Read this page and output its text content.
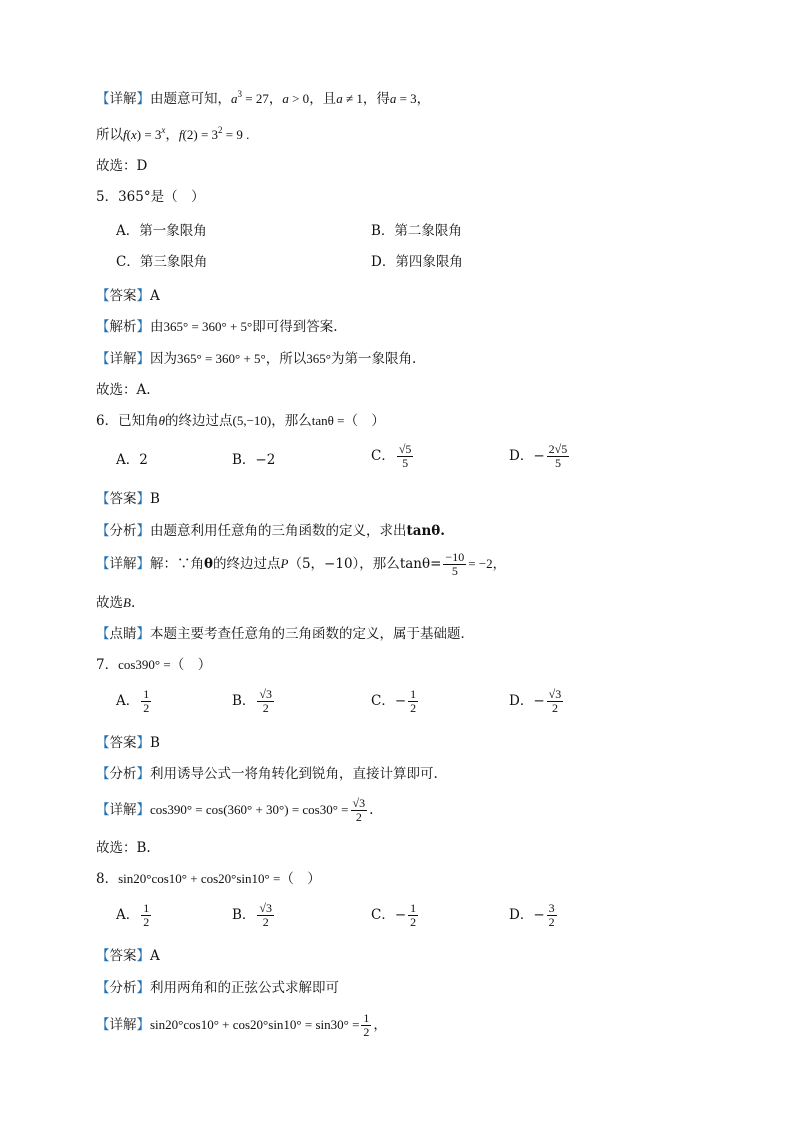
【详解】由题意可知，$a^3 = 27$，a > 0，且a ≠ 1，得a = 3，
所以$f(x) = 3^x$，$f(2) = 3^2 = 9$ .
故选：D
5．365°是（　）
A．第一象限角	B．第二象限角
C．第三象限角	D．第四象限角
【答案】A
【解析】由365° = 360° + 5°即可得到答案.
【详解】因为365° = 360° + 5°，所以365°为第一象限角.
故选：A.
6．已知角θ的终边过点(5,−10)，那么tanθ =（　）
A．2	B．−2	C． $\frac{√5}{5}$	D．− $\frac{2√5}{5}$
【答案】B
【分析】由题意利用任意角的三角函数的定义，求出tanθ.
【详解】解：∵角θ的终边过点P（5，−10），那么$\tan\theta= \frac{-10}{5} = -2$，
故选B.
【点睛】本题主要考查任意角的三角函数的定义，属于基础题．
7．cos390° =（　）
A． $\frac{1}{2}$	B． $\frac{√3}{2}$	C．− $\frac{1}{2}$	D．− $\frac{√3}{2}$
【答案】B
【分析】利用诱导公式一将角转化到锐角，直接计算即可.
【详解】$\cos 390^\circ = \cos(360^\circ + 30^\circ) = \cos 30^\circ = \frac{√3}{2}$ .
故选：B.
8．sin20°cos10° + cos20°sin10° =（　）
A． $\frac{1}{2}$	B． $\frac{√3}{2}$	C．− $\frac{1}{2}$	D．− $\frac{3}{2}$
【答案】A
【分析】利用两角和的正弦公式求解即可
【详解】$\sin 20^\circ\cos 10^\circ + \cos 20^\circ\sin 10^\circ = \sin 30^\circ = \frac{1}{2}$ ，
